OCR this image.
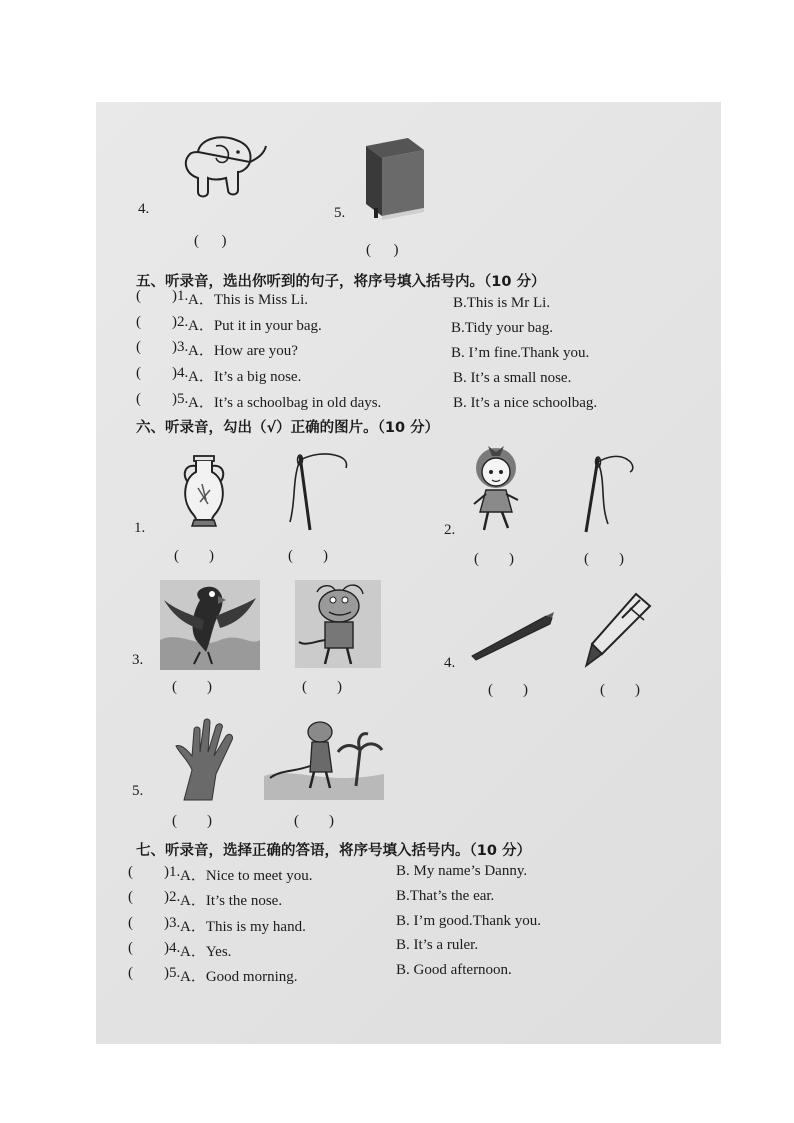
4.
(      )
5.
(      )
五、听录音，选出你听到的句子，将序号填入括号内。（10 分）
( )1. A．This is Miss Li.	B.This is Mr Li.
( )2. A．Put it in your bag.	B.Tidy your bag.
( )3. A．How are you?	B. I’m fine.Thank you.
( )4. A．It’s a big nose.	B. It’s a small nose.
( )5. A．It’s a schoolbag in old days.	B. It’s a nice schoolbag.
六、听录音，勾出（√）正确的图片。（10 分）
1.
(        )	(        )
2.
(        )	(        )
3.
(        )	(        )
4.
(        )	(        )
5.
(        )	(        )
七、听录音，选择正确的答语，将序号填入括号内。（10 分）
( )1. A．Nice to meet you.	B. My name’s Danny.
( )2. A．It’s the nose.	B.That’s the ear.
( )3. A．This is my hand.	B. I’m good.Thank you.
( )4. A．Yes.	B. It’s a ruler.
( )5. A．Good morning.	B. Good afternoon.
